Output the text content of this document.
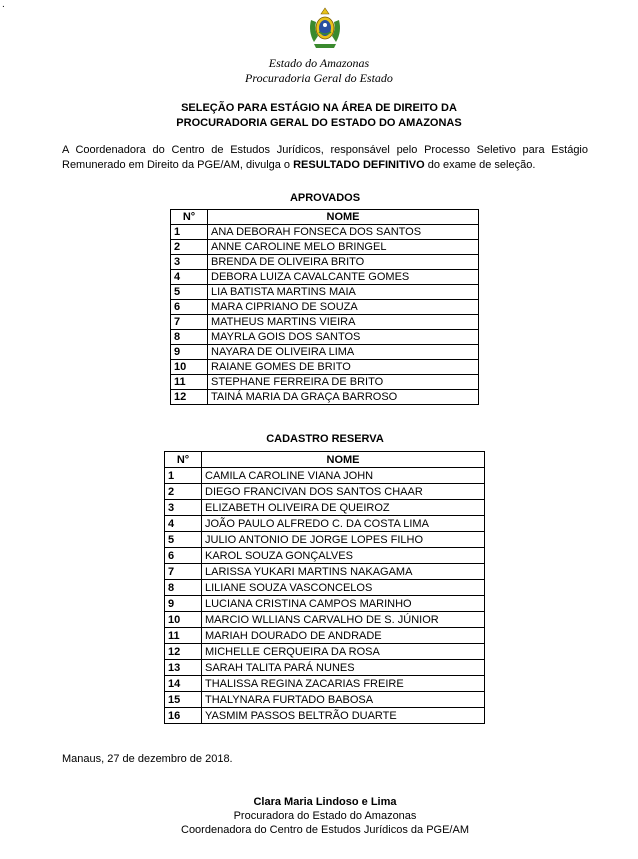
.
Estado do Amazonas
Procuradoria Geral do Estado
SELEÇÃO PARA ESTÁGIO NA ÁREA DE DIREITO DA
PROCURADORIA GERAL DO ESTADO DO AMAZONAS
A Coordenadora do Centro de Estudos Jurídicos, responsável pelo Processo Seletivo para Estágio Remunerado em Direito da PGE/AM, divulga o RESULTADO DEFINITIVO do exame de seleção.
APROVADOS
N°	NOME
1	ANA DEBORAH FONSECA DOS SANTOS
2	ANNE CAROLINE MELO BRINGEL
3	BRENDA DE OLIVEIRA BRITO
4	DEBORA LUIZA CAVALCANTE GOMES
5	LIA BATISTA MARTINS MAIA
6	MARA CIPRIANO DE SOUZA
7	MATHEUS MARTINS VIEIRA
8	MAYRLA GOIS DOS SANTOS
9	NAYARA DE OLIVEIRA LIMA
10	RAIANE GOMES DE BRITO
11	STEPHANE FERREIRA DE BRITO
12	TAINÁ MARIA DA GRAÇA BARROSO
CADASTRO RESERVA
N°	NOME
1	CAMILA CAROLINE VIANA JOHN
2	DIEGO FRANCIVAN DOS SANTOS CHAAR
3	ELIZABETH OLIVEIRA DE QUEIROZ
4	JOÃO PAULO ALFREDO C. DA COSTA LIMA
5	JULIO ANTONIO DE JORGE LOPES FILHO
6	KAROL SOUZA GONÇALVES
7	LARISSA YUKARI MARTINS NAKAGAMA
8	LILIANE SOUZA VASCONCELOS
9	LUCIANA CRISTINA CAMPOS MARINHO
10	MARCIO WLLIANS CARVALHO DE S. JÚNIOR
11	MARIAH DOURADO DE ANDRADE
12	MICHELLE CERQUEIRA DA ROSA
13	SARAH TALITA PARÁ NUNES
14	THALISSA REGINA ZACARIAS FREIRE
15	THALYNARA FURTADO BABOSA
16	YASMIM PASSOS BELTRÃO DUARTE
Manaus, 27 de dezembro de 2018.
Clara Maria Lindoso e Lima
Procuradora do Estado do Amazonas
Coordenadora do Centro de Estudos Jurídicos da PGE/AM
